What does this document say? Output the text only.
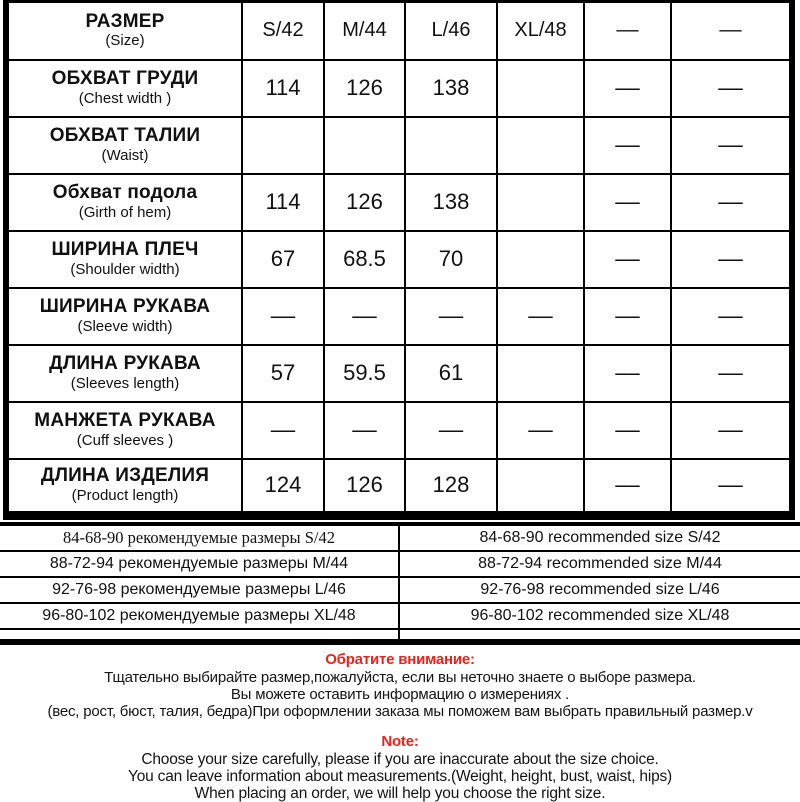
РАЗМЕР
(Size)	S/42	M/44	L/46	XL/48	––	––

ОБХВАТ ГРУДИ
(Chest width )	114	126	138		––	––

ОБХВАТ ТАЛИИ
(Waist)					––	––

Обхват подола
(Girth of hem)	114	126	138		––	––

ШИРИНА ПЛЕЧ
(Shoulder width)	67	68.5	70		––	––

ШИРИНА РУКАВА
(Sleeve width)	––	––	––	––	––	––

ДЛИНА РУКАВА
(Sleeves length)	57	59.5	61		––	––

МАНЖЕТА РУКАВА
(Cuff sleeves )	––	––	––	––	––	––

ДЛИНА ИЗДЕЛИЯ
(Product length)	124	126	128		––	––
84-68-90 рекомендуемые размеры S/42	84-68-90 recommended size S/42
88-72-94 рекомендуемые размеры M/44	88-72-94 recommended size M/44
92-76-98 рекомендуемые размеры L/46	92-76-98 recommended size L/46
96-80-102 рекомендуемые размеры XL/48	96-80-102 recommended size XL/48

Обратите внимание:
Тщательно выбирайте размер,пожалуйста, если вы неточно знаете о выборе размера.
Вы можете оставить информацию о измерениях .
(вес, рост, бюст, талия, бедра)При оформлении заказа мы поможем вам выбрать правильный размер.v
Note:
Choose your size carefully, please if you are inaccurate about the size choice.
You can leave information about measurements.(Weight, height, bust, waist, hips)
When placing an order, we will help you choose the right size.
